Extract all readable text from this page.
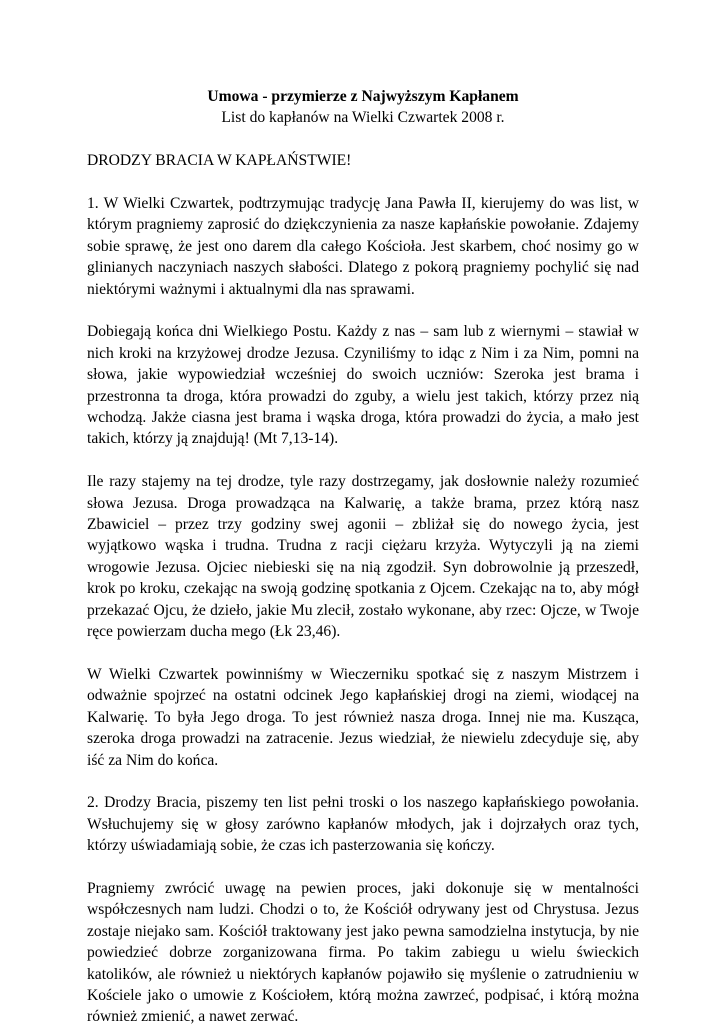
Umowa - przymierze z Najwyższym Kapłanem

List do kapłanów na Wielki Czwartek 2008 r.

DRODZY BRACIA W KAPŁAŃSTWIE!

1. W Wielki Czwartek, podtrzymując tradycję Jana Pawła II, kierujemy do was list, w którym pragniemy zaprosić do dziękczynienia za nasze kapłańskie powołanie. Zdajemy sobie sprawę, że jest ono darem dla całego Kościoła. Jest skarbem, choć nosimy go w glinianych naczyniach naszych słabości. Dlatego z pokorą pragniemy pochylić się nad niektórymi ważnymi i aktualnymi dla nas sprawami.

Dobiegają końca dni Wielkiego Postu. Każdy z nas – sam lub z wiernymi – stawiał w nich kroki na krzyżowej drodze Jezusa. Czyniliśmy to idąc z Nim i za Nim, pomni na słowa, jakie wypowiedział wcześniej do swoich uczniów: Szeroka jest brama i przestronna ta droga, która prowadzi do zguby, a wielu jest takich, którzy przez nią wchodzą. Jakże ciasna jest brama i wąska droga, która prowadzi do życia, a mało jest takich, którzy ją znajdują! (Mt 7,13-14).

Ile razy stajemy na tej drodze, tyle razy dostrzegamy, jak dosłownie należy rozumieć słowa Jezusa. Droga prowadząca na Kalwarię, a także brama, przez którą nasz Zbawiciel – przez trzy godziny swej agonii – zbliżał się do nowego życia, jest wyjątkowo wąska i trudna. Trudna z racji ciężaru krzyża. Wytyczyli ją na ziemi wrogowie Jezusa. Ojciec niebieski się na nią zgodził. Syn dobrowolnie ją przeszedł, krok po kroku, czekając na swoją godzinę spotkania z Ojcem. Czekając na to, aby mógł przekazać Ojcu, że dzieło, jakie Mu zlecił, zostało wykonane, aby rzec: Ojcze, w Twoje ręce powierzam ducha mego (Łk 23,46).

W Wielki Czwartek powinniśmy w Wieczerniku spotkać się z naszym Mistrzem i odważnie spojrzeć na ostatni odcinek Jego kapłańskiej drogi na ziemi, wiodącej na Kalwarię. To była Jego droga. To jest również nasza droga. Innej nie ma. Kusząca, szeroka droga prowadzi na zatracenie. Jezus wiedział, że niewielu zdecyduje się, aby iść za Nim do końca.

2. Drodzy Bracia, piszemy ten list pełni troski o los naszego kapłańskiego powołania. Wsłuchujemy się w głosy zarówno kapłanów młodych, jak i dojrzałych oraz tych, którzy uświadamiają sobie, że czas ich pasterzowania się kończy.

Pragniemy zwrócić uwagę na pewien proces, jaki dokonuje się w mentalności współczesnych nam ludzi. Chodzi o to, że Kościół odrywany jest od Chrystusa. Jezus zostaje niejako sam. Kościół traktowany jest jako pewna samodzielna instytucja, by nie powiedzieć dobrze zorganizowana firma. Po takim zabiegu u wielu świeckich katolików, ale również u niektórych kapłanów pojawiło się myślenie o zatrudnieniu w Kościele jako o umowie z Kościołem, którą można zawrzeć, podpisać, i którą można również zmienić, a nawet zerwać.
